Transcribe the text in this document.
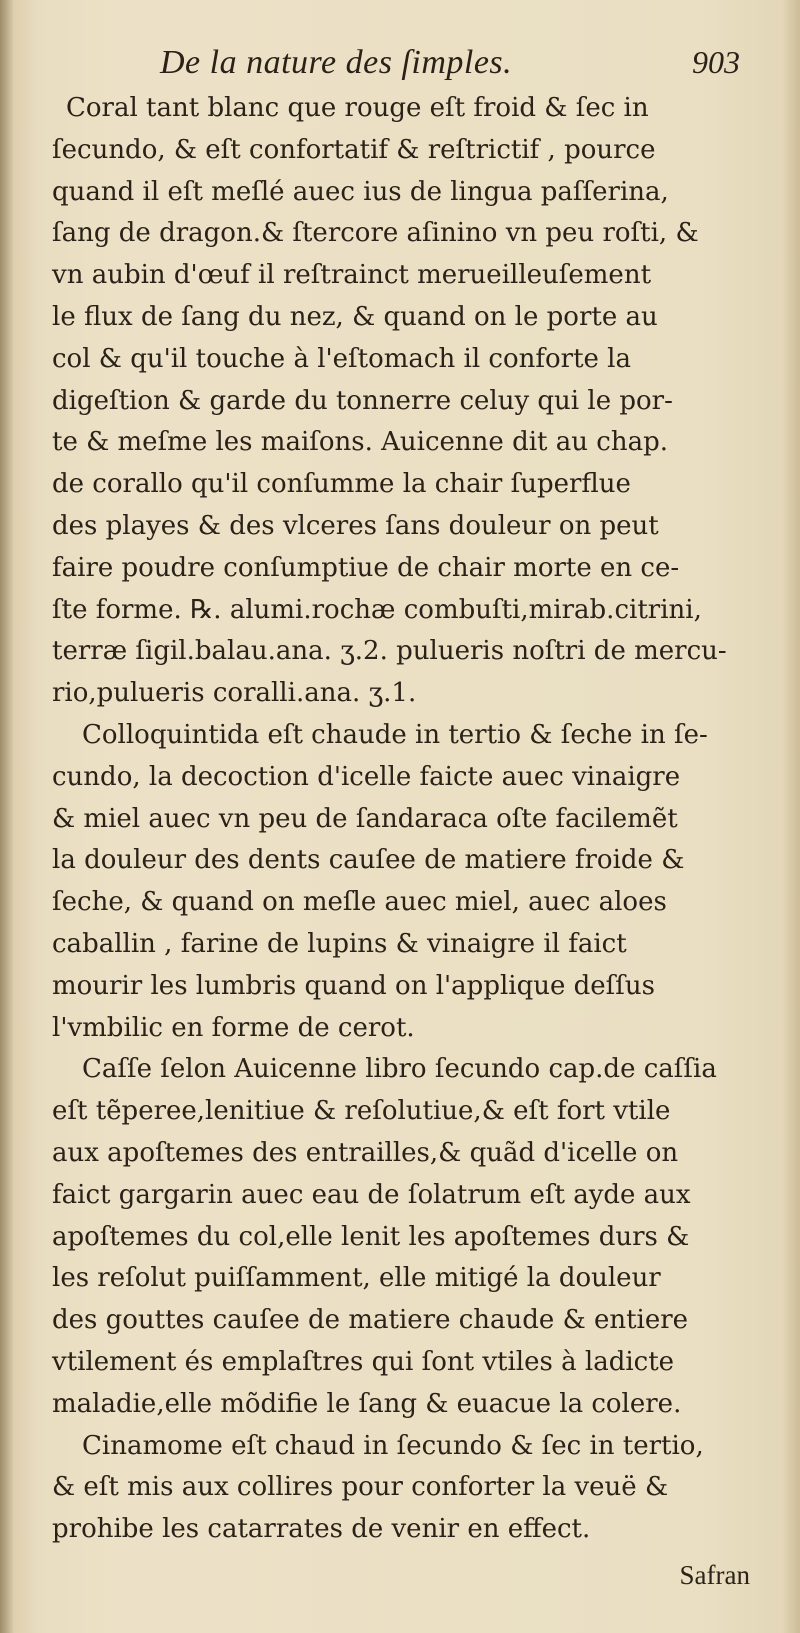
De la nature des ſimples.	903
Coral tant blanc que rouge eſt froid & ſec in
ſecundo, & eſt confortatif & reſtrictif , pource
quand il eſt meſlé auec ius de lingua paſſerina,
ſang de dragon.& ſtercore aſinino vn peu roſti, &
vn aubin d'œuf il reſtrainct merueilleuſement
le flux de ſang du nez, & quand on le porte au
col & qu'il touche à l'eſtomach il conforte la
digeſtion & garde du tonnerre celuy qui le por-
te & meſme les maiſons. Auicenne dit au chap.
de corallo qu'il conſumme la chair ſuperflue
des playes & des vlceres ſans douleur on peut
faire poudre conſumptiue de chair morte en ce-
ſte forme. ℞. alumi.rochæ combuſti,mirab.citrini,
terræ ſigil.balau.ana. ʒ.2. pulueris noſtri de mercu-
rio,pulueris coralli.ana. ʒ.1.
Colloquintida eſt chaude in tertio & ſeche in ſe-
cundo, la decoction d'icelle faicte auec vinaigre
& miel auec vn peu de ſandaraca oſte facilemẽt
la douleur des dents cauſee de matiere froide &
ſeche, & quand on meſle auec miel, auec aloes
caballin , farine de lupins & vinaigre il faict
mourir les lumbris quand on l'applique deſſus
l'vmbilic en forme de cerot.
Caſſe ſelon Auicenne libro ſecundo cap.de caſſia
eſt tẽperee,lenitiue & reſolutiue,& eſt fort vtile
aux apoſtemes des entrailles,& quãd d'icelle on
faict gargarin auec eau de ſolatrum eſt ayde aux
apoſtemes du col,elle lenit les apoſtemes durs &
les reſolut puiſſamment, elle mitigé la douleur
des gouttes cauſee de matiere chaude & entiere
vtilement és emplaſtres qui ſont vtiles à ladicte
maladie,elle mõdifie le ſang & euacue la colere.
Cinamome eſt chaud in ſecundo & ſec in tertio,
& eſt mis aux collires pour conforter la veuë &
prohibe les catarrates de venir en effect.
Safran
